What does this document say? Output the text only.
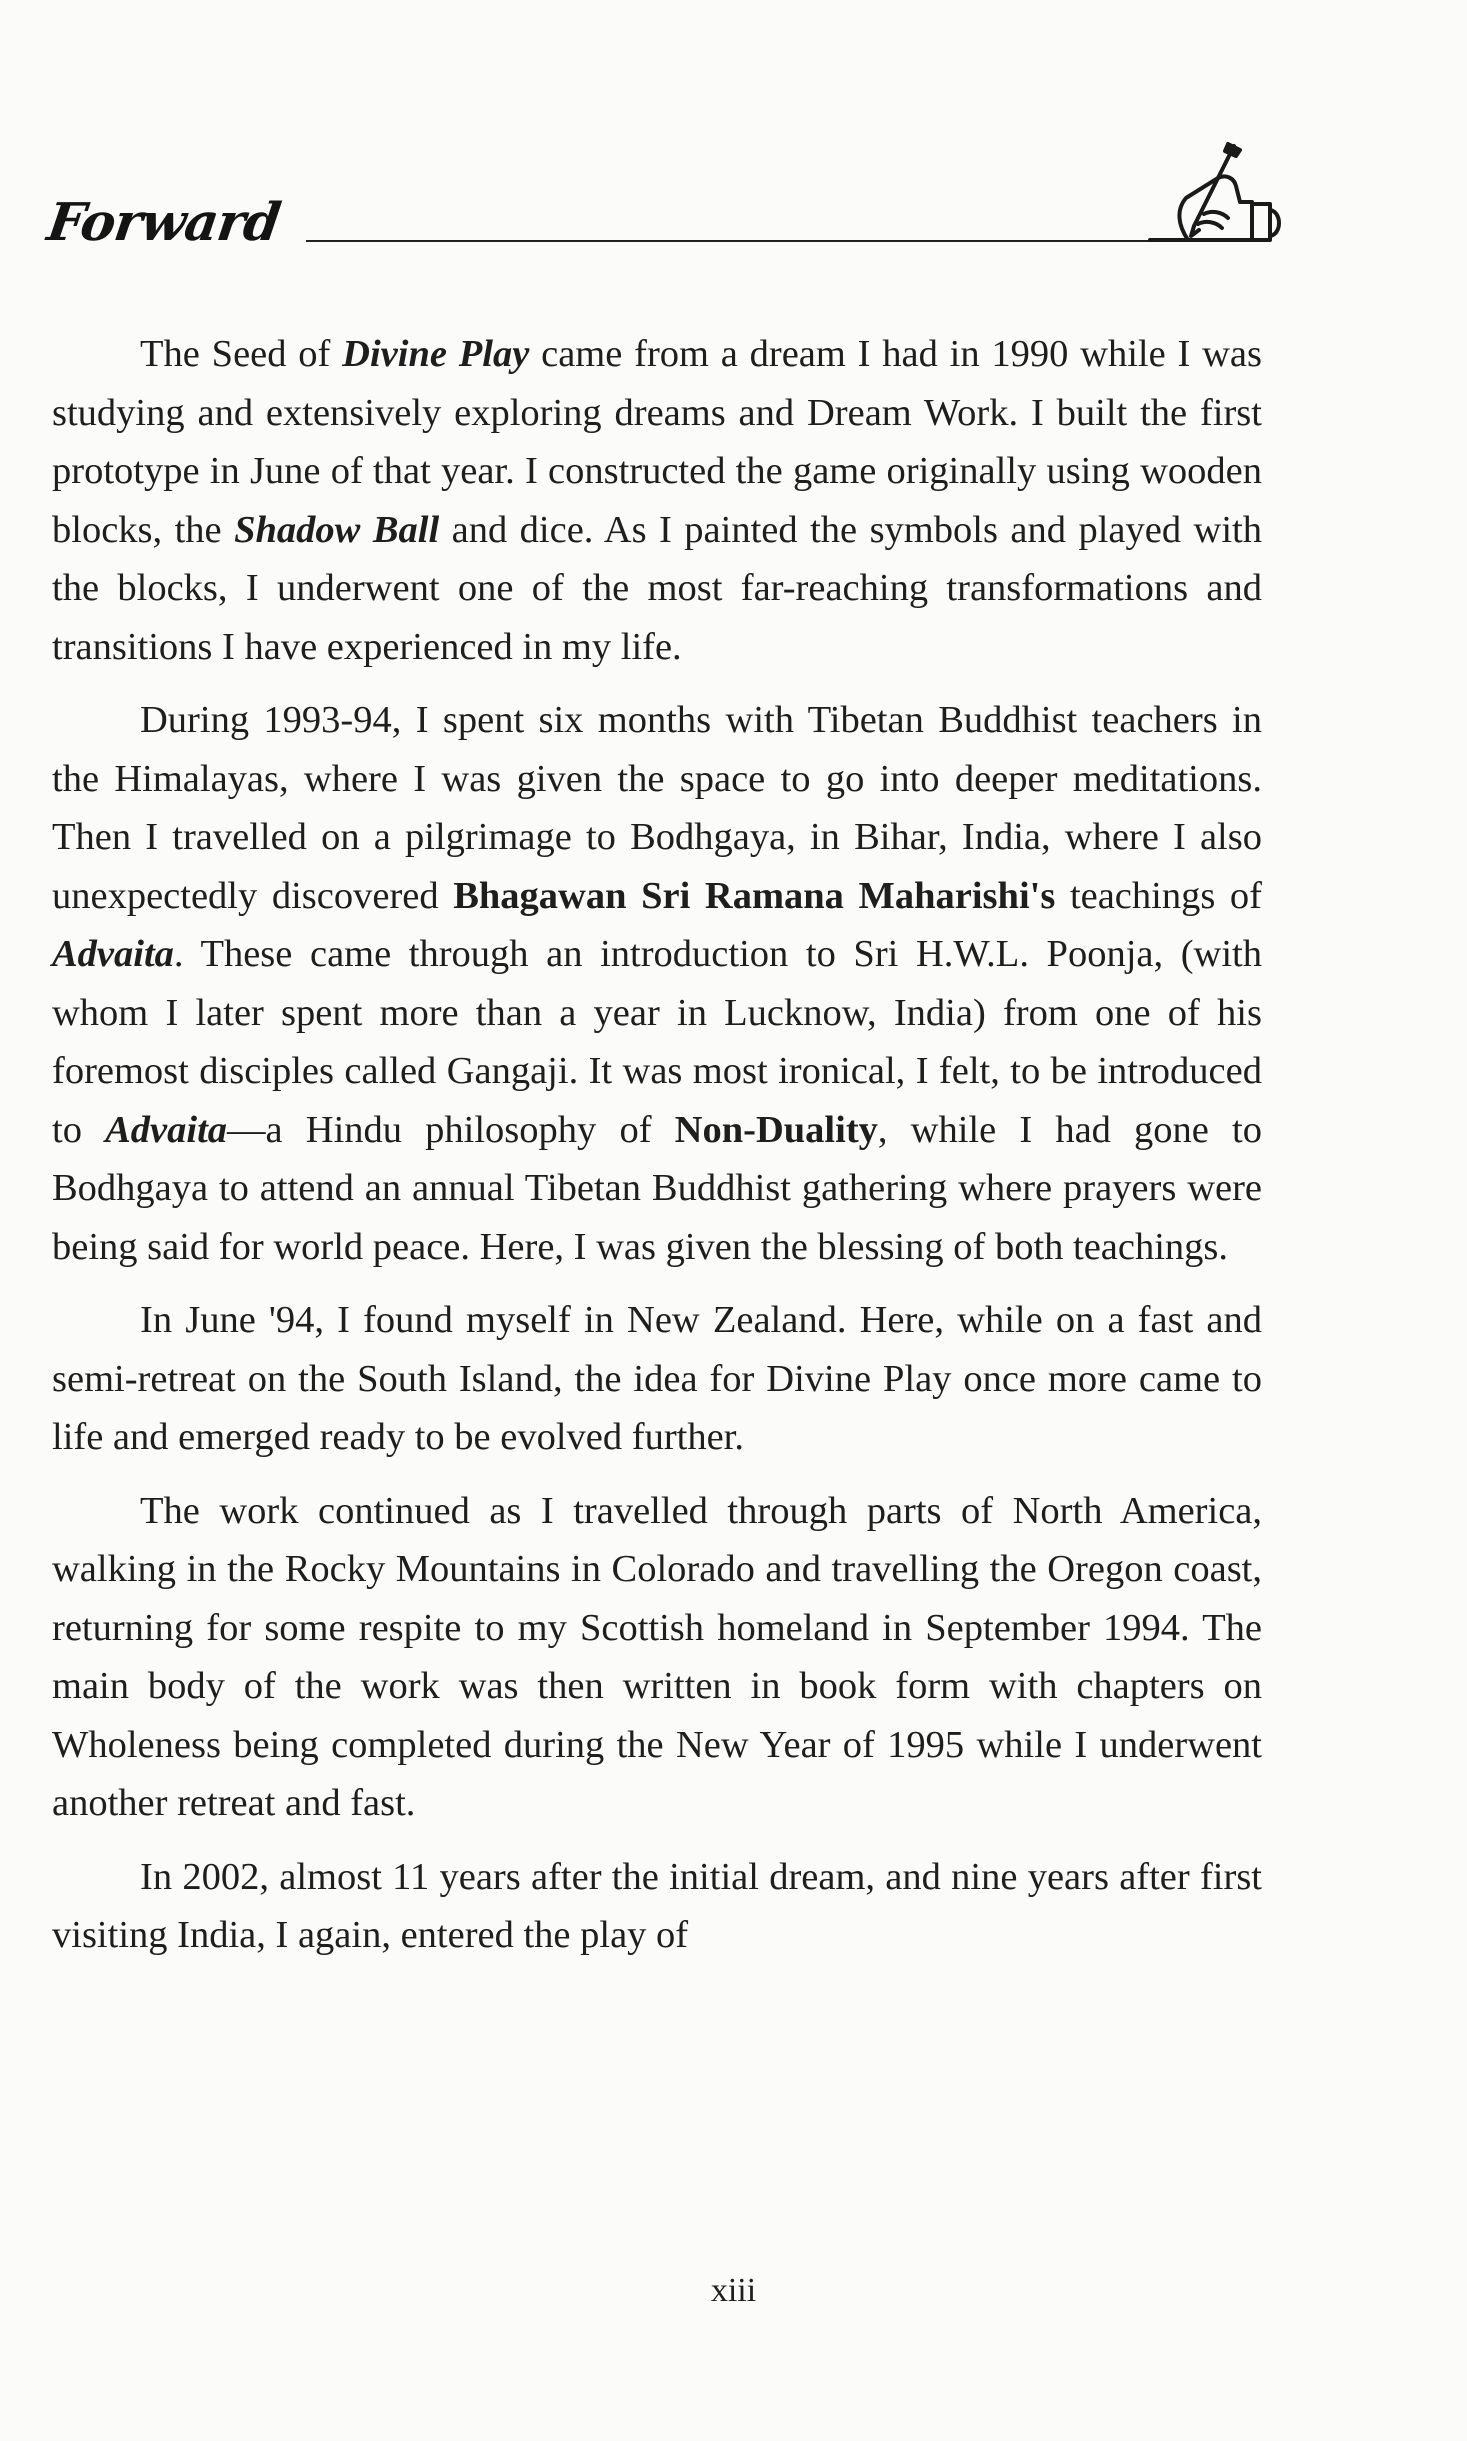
Forward

The Seed of Divine Play came from a dream I had in 1990 while I was studying and extensively exploring dreams and Dream Work. I built the first prototype in June of that year. I constructed the game originally using wooden blocks, the Shadow Ball and dice. As I painted the symbols and played with the blocks, I underwent one of the most far-reaching transformations and transitions I have experienced in my life.

During 1993-94, I spent six months with Tibetan Buddhist teachers in the Himalayas, where I was given the space to go into deeper meditations. Then I travelled on a pilgrimage to Bodhgaya, in Bihar, India, where I also unexpectedly discovered Bhagawan Sri Ramana Maharishi's teachings of Advaita. These came through an introduction to Sri H.W.L. Poonja, (with whom I later spent more than a year in Lucknow, India) from one of his foremost disciples called Gangaji. It was most ironical, I felt, to be introduced to Advaita—a Hindu philosophy of Non-Duality, while I had gone to Bodhgaya to attend an annual Tibetan Buddhist gathering where prayers were being said for world peace. Here, I was given the blessing of both teachings.

In June '94, I found myself in New Zealand. Here, while on a fast and semi-retreat on the South Island, the idea for Divine Play once more came to life and emerged ready to be evolved further.

The work continued as I travelled through parts of North America, walking in the Rocky Mountains in Colorado and travelling the Oregon coast, returning for some respite to my Scottish homeland in September 1994. The main body of the work was then written in book form with chapters on Wholeness being completed during the New Year of 1995 while I underwent another retreat and fast.

In 2002, almost 11 years after the initial dream, and nine years after first visiting India, I again, entered the play of

xiii
